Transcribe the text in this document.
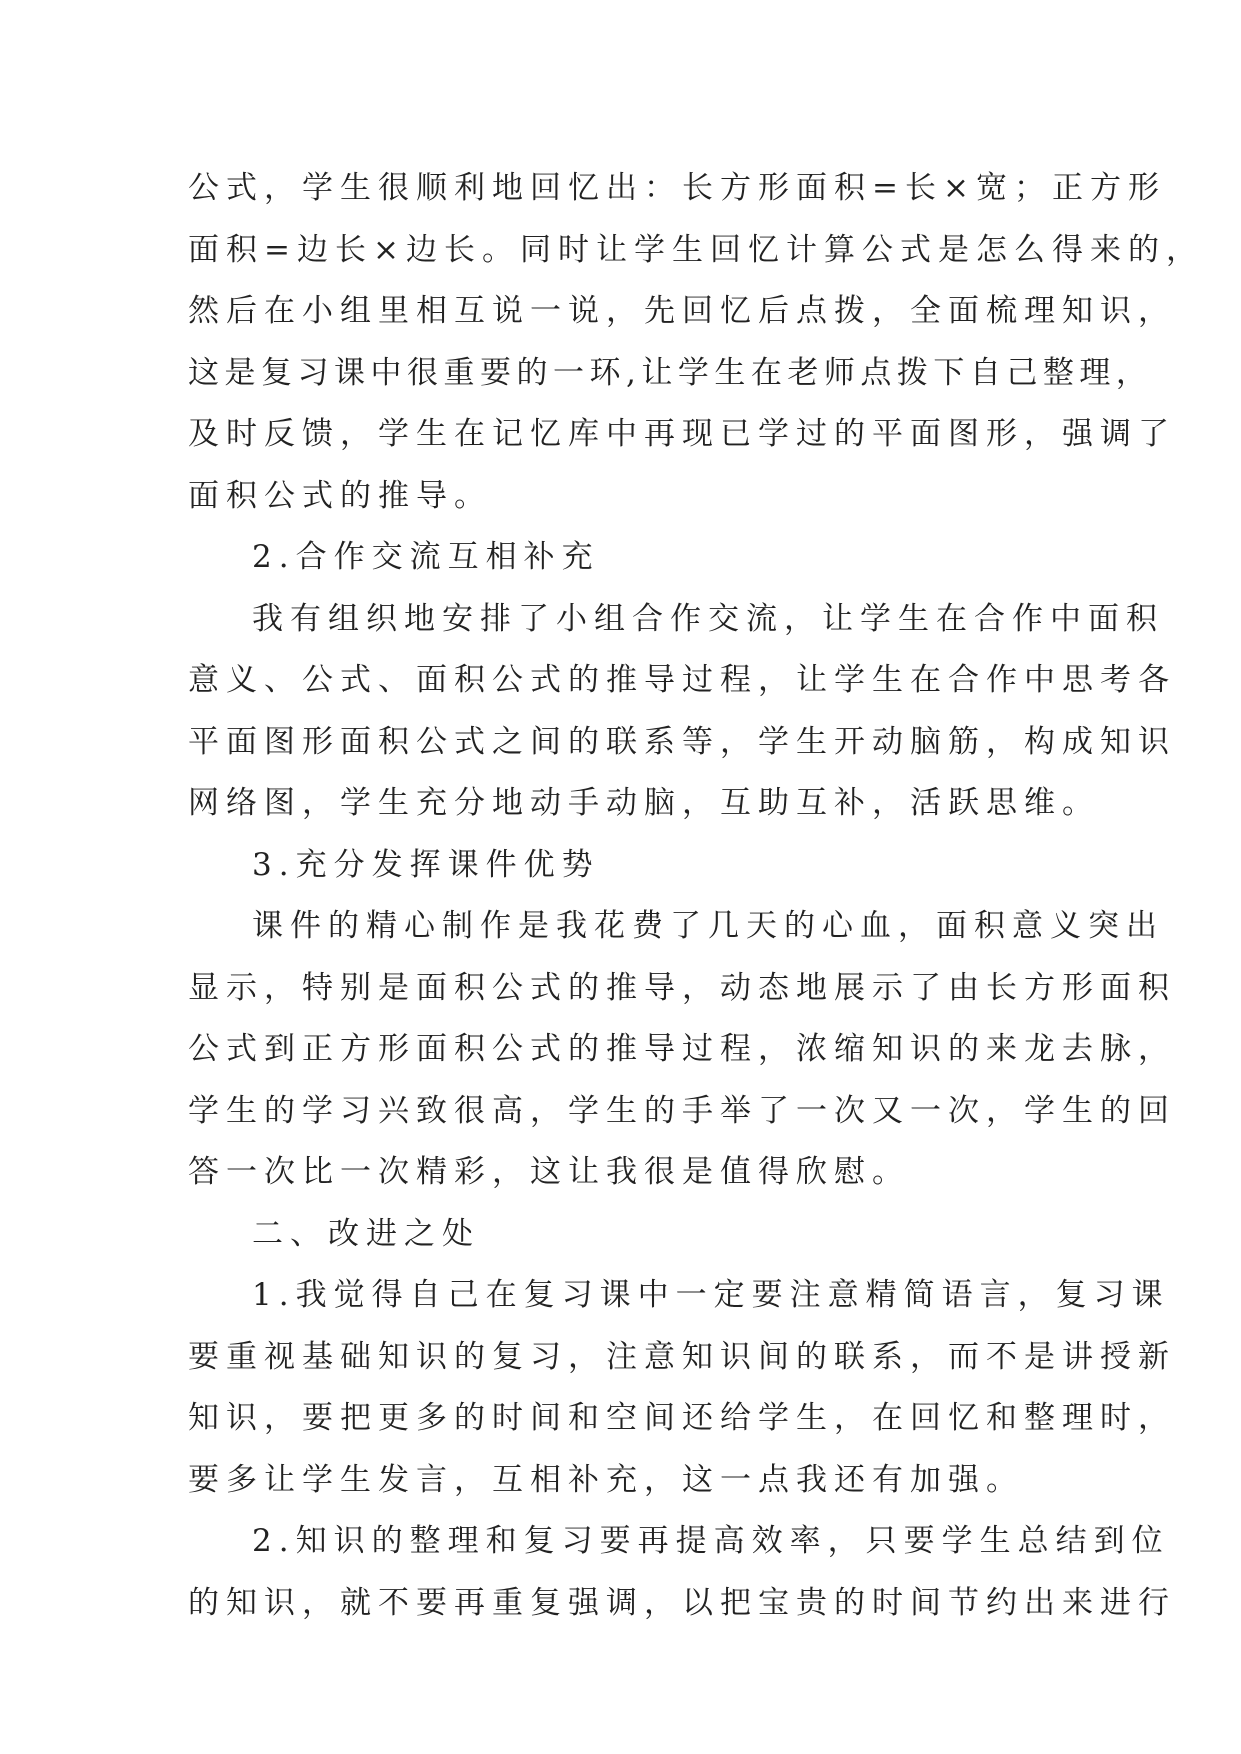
公式，学生很顺利地回忆出：长方形面积=长×宽；正方形
面积=边长×边长。同时让学生回忆计算公式是怎么得来的，
然后在小组里相互说一说，先回忆后点拨，全面梳理知识，
这是复习课中很重要的一环,让学生在老师点拨下自己整理，
及时反馈，学生在记忆库中再现已学过的平面图形，强调了
面积公式的推导。
2.合作交流互相补充
我有组织地安排了小组合作交流，让学生在合作中面积
意义、公式、面积公式的推导过程，让学生在合作中思考各
平面图形面积公式之间的联系等，学生开动脑筋，构成知识
网络图，学生充分地动手动脑，互助互补，活跃思维。
3.充分发挥课件优势
课件的精心制作是我花费了几天的心血，面积意义突出
显示，特别是面积公式的推导，动态地展示了由长方形面积
公式到正方形面积公式的推导过程，浓缩知识的来龙去脉，
学生的学习兴致很高，学生的手举了一次又一次，学生的回
答一次比一次精彩，这让我很是值得欣慰。
二、改进之处
1.我觉得自己在复习课中一定要注意精简语言，复习课
要重视基础知识的复习，注意知识间的联系，而不是讲授新
知识，要把更多的时间和空间还给学生，在回忆和整理时，
要多让学生发言，互相补充，这一点我还有加强。
2.知识的整理和复习要再提高效率，只要学生总结到位
的知识，就不要再重复强调，以把宝贵的时间节约出来进行
